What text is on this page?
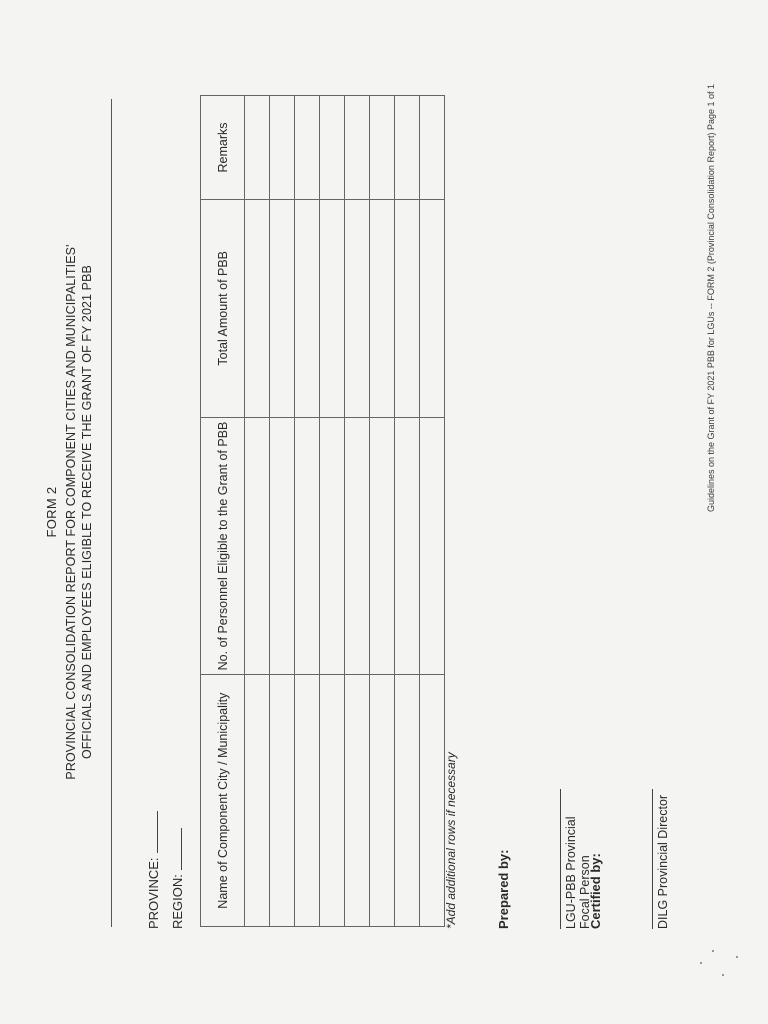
FORM 2 PROVINCIAL CONSOLIDATION REPORT FOR COMPONENT CITIES AND MUNICIPALITIES' OFFICIALS AND EMPLOYEES ELIGIBLE TO RECEIVE THE GRANT OF FY 2021 PBB
PROVINCE: REGION: Name of Component City / Municipality	No. of Personnel Eligible to the Grant of PBB	Total Amount of PBB	Remarks

*Add additional rows if necessary	Prepared by:	LGU-PBB Provincial Focal Person
Certified by:	DILG Provincial Director
Guidelines on the Grant of FY 2021 PBB for LGUs -- FORM 2 (Provincial Consolidation Report) Page 1 of 1
